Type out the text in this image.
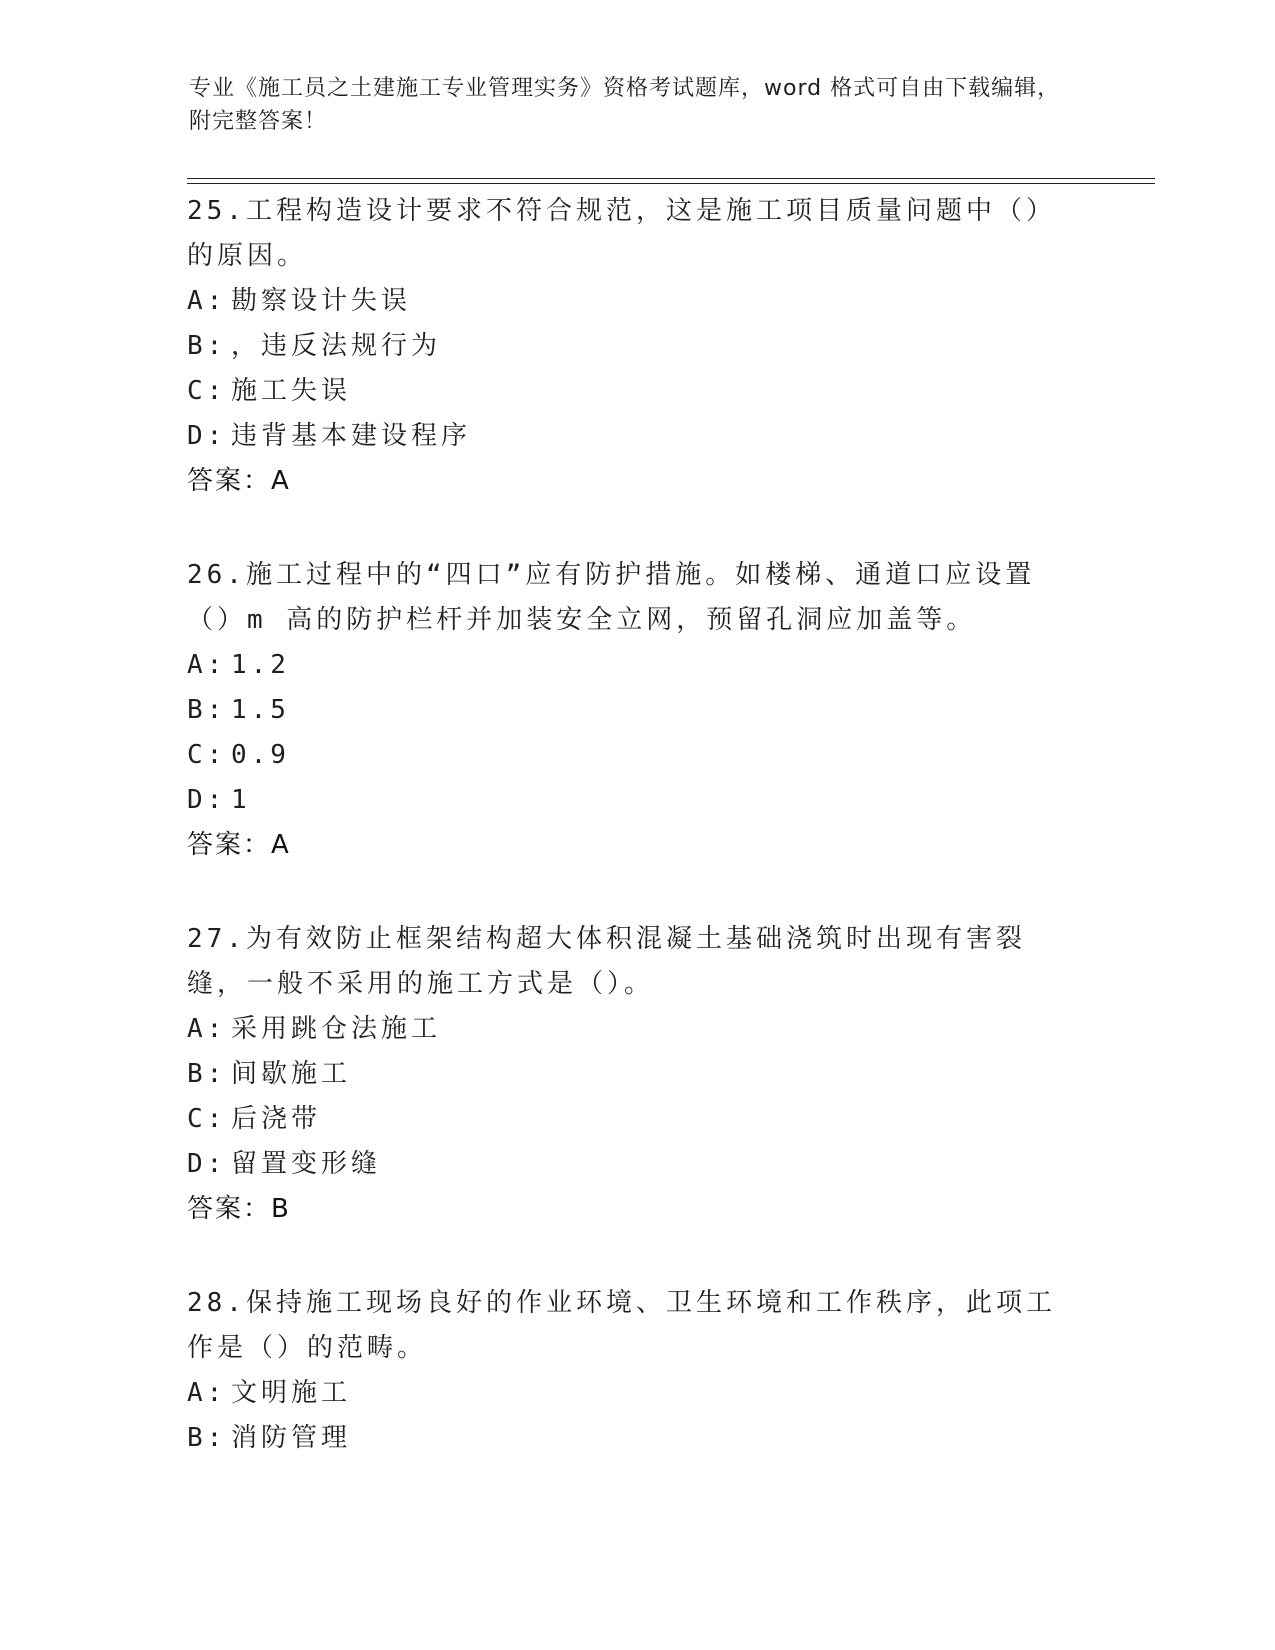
专业《施工员之土建施工专业管理实务》资格考试题库，word 格式可自由下载编辑，附完整答案！

25.工程构造设计要求不符合规范，这是施工项目质量问题中（）的原因。

A: 勘察设计失误

B: ，违反法规行为

C: 施工失误

D: 违背基本建设程序

答案：A

26.施工过程中的“四口”应有防护措施。如楼梯、通道口应设置（）m 高的防护栏杆并加装安全立网，预留孔洞应加盖等。

A: 1.2

B: 1.5

C: 0.9

D: 1

答案：A

27.为有效防止框架结构超大体积混凝土基础浇筑时出现有害裂缝，一般不采用的施工方式是（）。

A: 采用跳仓法施工

B: 间歇施工

C: 后浇带

D: 留置变形缝

答案：B

28.保持施工现场良好的作业环境、卫生环境和工作秩序，此项工作是（）的范畴。

A: 文明施工

B: 消防管理
